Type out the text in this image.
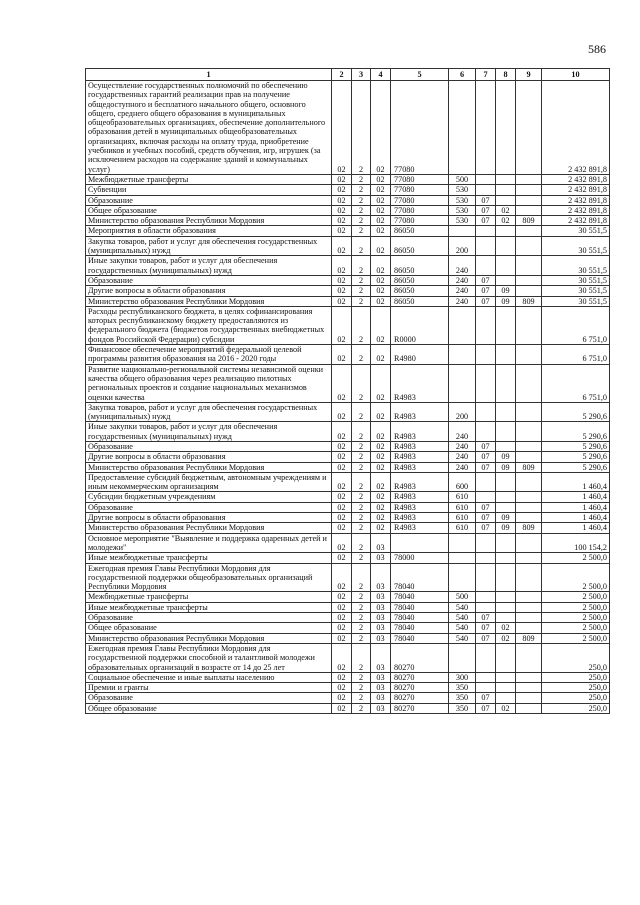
586
1	2	3	4	5	6	7	8	9	10
Осуществление государственных полномочий по обеспечению государственных гарантий реализации прав на получение общедоступного и бесплатного начального общего, основного общего, среднего общего образования в муниципальных общеобразовательных организациях, обеспечение дополнительного образования детей в муниципальных общеобразовательных организациях, включая расходы на оплату труда, приобретение учебников и учебных пособий, средств обучения, игр, игрушек (за исключением расходов на содержание зданий и коммунальных услуг)	02	2	02	77080					2 432 891,8
Межбюджетные трансферты	02	2	02	77080	500				2 432 891,8
Субвенции	02	2	02	77080	530				2 432 891,8
Образование	02	2	02	77080	530	07			2 432 891,8
Общее образование	02	2	02	77080	530	07	02		2 432 891,8
Министерство образования Республики Мордовия	02	2	02	77080	530	07	02	809	2 432 891,8
Мероприятия в области образования	02	2	02	86050					30 551,5
Закупка товаров, работ и услуг для обеспечения государственных (муниципальных) нужд	02	2	02	86050	200				30 551,5
Иные закупки товаров, работ и услуг для обеспечения государственных (муниципальных) нужд	02	2	02	86050	240				30 551,5
Образование	02	2	02	86050	240	07			30 551,5
Другие вопросы в области образования	02	2	02	86050	240	07	09		30 551,5
Министерство образования Республики Мордовия	02	2	02	86050	240	07	09	809	30 551,5
Расходы республиканского бюджета, в целях софинансирования которых республиканскому бюджету предоставляются из федерального бюджета (бюджетов государственных внебюджетных фондов Российской Федерации) субсидии	02	2	02	R0000					6 751,0
Финансовое обеспечение мероприятий федеральной целевой программы развития образования на 2016 - 2020 годы	02	2	02	R4980					6 751,0
Развитие национально-региональной системы независимой оценки качества общего образования через реализацию пилотных региональных проектов и создание национальных механизмов оценки качества	02	2	02	R4983					6 751,0
Закупка товаров, работ и услуг для обеспечения государственных (муниципальных) нужд	02	2	02	R4983	200				5 290,6
Иные закупки товаров, работ и услуг для обеспечения государственных (муниципальных) нужд	02	2	02	R4983	240				5 290,6
Образование	02	2	02	R4983	240	07			5 290,6
Другие вопросы в области образования	02	2	02	R4983	240	07	09		5 290,6
Министерство образования Республики Мордовия	02	2	02	R4983	240	07	09	809	5 290,6
Предоставление субсидий бюджетным, автономным учреждениям и иным некоммерческим организациям	02	2	02	R4983	600				1 460,4
Субсидии бюджетным учреждениям	02	2	02	R4983	610				1 460,4
Образование	02	2	02	R4983	610	07			1 460,4
Другие вопросы в области образования	02	2	02	R4983	610	07	09		1 460,4
Министерство образования Республики Мордовия	02	2	02	R4983	610	07	09	809	1 460,4
Основное мероприятие "Выявление и поддержка одаренных детей и молодежи"	02	2	03						100 154,2
Иные межбюджетные трансферты	02	2	03	78000					2 500,0
Ежегодная премия Главы Республики Мордовия для государственной поддержки общеобразовательных организаций Республики Мордовия	02	2	03	78040					2 500,0
Межбюджетные трансферты	02	2	03	78040	500				2 500,0
Иные межбюджетные трансферты	02	2	03	78040	540				2 500,0
Образование	02	2	03	78040	540	07			2 500,0
Общее образование	02	2	03	78040	540	07	02		2 500,0
Министерство образования Республики Мордовия	02	2	03	78040	540	07	02	809	2 500,0
Ежегодная премия Главы Республики Мордовия для государственной поддержки способной и талантливой молодежи образовательных организаций в возрасте от 14 до 25 лет	02	2	03	80270					250,0
Социальное обеспечение и иные выплаты населению	02	2	03	80270	300				250,0
Премии и гранты	02	2	03	80270	350				250,0
Образование	02	2	03	80270	350	07			250,0
Общее образование	02	2	03	80270	350	07	02		250,0
